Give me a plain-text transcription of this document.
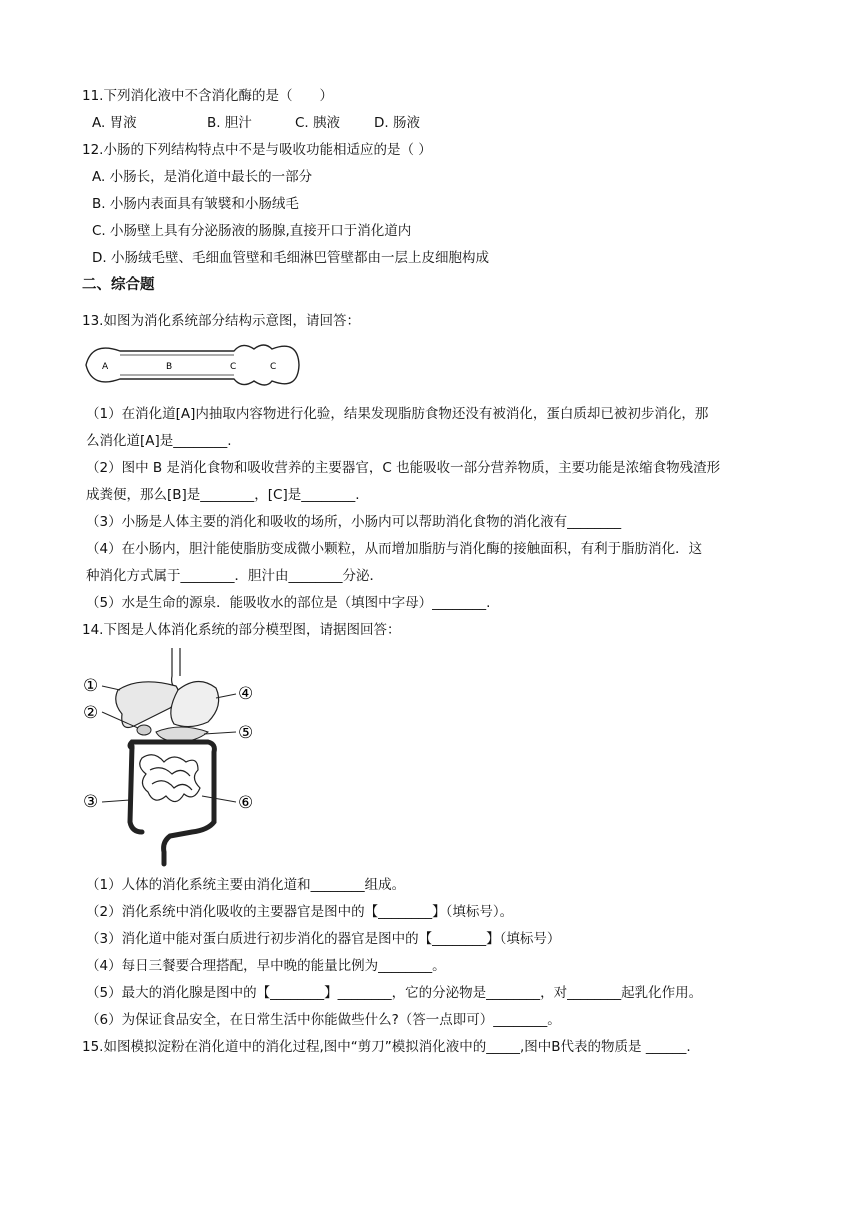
11.下列消化液中不含消化酶的是（　　）
A. 胃液	B. 胆汁	C. 胰液	D. 肠液
12.小肠的下列结构特点中不是与吸收功能相适应的是（ ）
A. 小肠长，是消化道中最长的一部分
B. 小肠内表面具有皱襞和小肠绒毛
C. 小肠壁上具有分泌肠液的肠腺,直接开口于消化道内
D. 小肠绒毛壁、毛细血管壁和毛细淋巴管壁都由一层上皮细胞构成
二、综合题
13.如图为消化系统部分结构示意图，请回答：
A	B	C	C
（1）在消化道[A]内抽取内容物进行化验，结果发现脂肪食物还没有被消化，蛋白质却已被初步消化，那
么消化道[A]是________.
（2）图中 B 是消化食物和吸收营养的主要器官，C 也能吸收一部分营养物质，主要功能是浓缩食物残渣形
成粪便，那么[B]是________，[C]是________.
（3）小肠是人体主要的消化和吸收的场所，小肠内可以帮助消化食物的消化液有________
（4）在小肠内，胆汁能使脂肪变成微小颗粒，从而增加脂肪与消化酶的接触面积，有利于脂肪消化．这
种消化方式属于________．胆汁由________分泌．
（5）水是生命的源泉．能吸收水的部位是（填图中字母）________.
14.下图是人体消化系统的部分模型图，请据图回答：
①
②
③
④
⑤
⑥
（1）人体的消化系统主要由消化道和________组成。
（2）消化系统中消化吸收的主要器官是图中的【________】（填标号）。
（3）消化道中能对蛋白质进行初步消化的器官是图中的【________】（填标号）
（4）每日三餐要合理搭配，早中晚的能量比例为________。
（5）最大的消化腺是图中的【________】________，它的分泌物是________，对________起乳化作用。
（6）为保证食品安全，在日常生活中你能做些什么?（答一点即可）________。
15.如图模拟淀粉在消化道中的消化过程,图中“剪刀”模拟消化液中的_____,图中B代表的物质是 ______.
